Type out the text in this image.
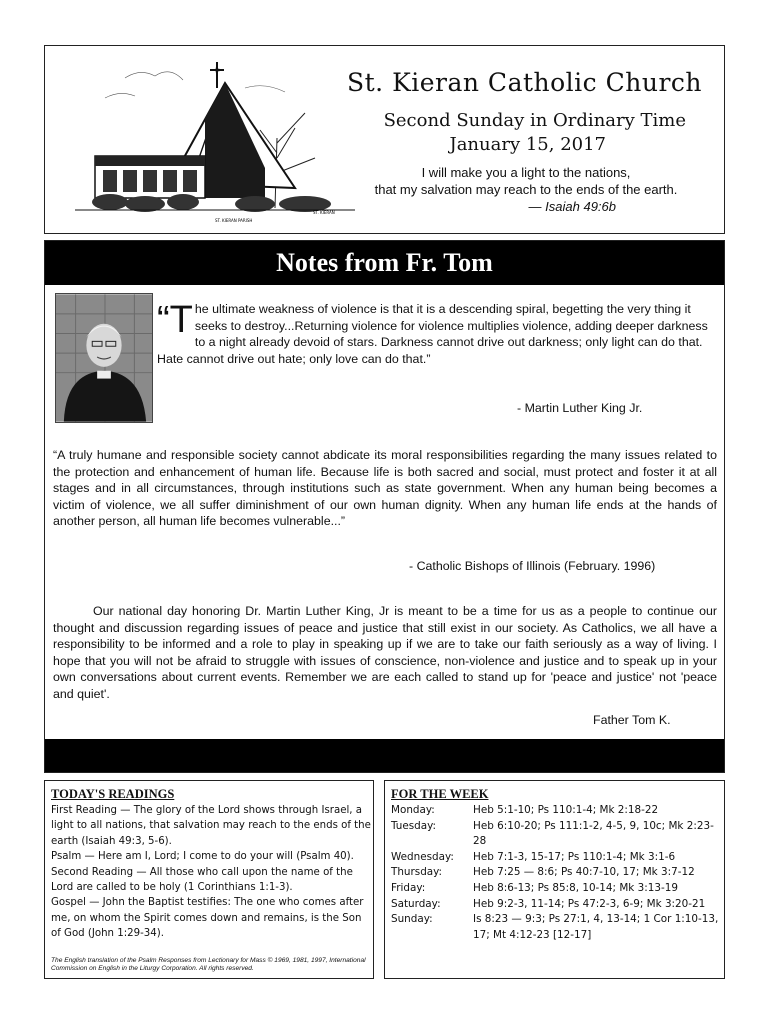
ST. KIERAN PARISH
ST. KIERAN
St. Kieran Catholic Church
Second Sunday in Ordinary Time
January 15, 2017
I will make you a light to the nations,
that my salvation may reach to the ends of the earth.
— Isaiah 49:6b
Notes from Fr. Tom
“The ultimate weakness of violence is that it is a descending spiral, begetting the very thing it seeks to destroy...Returning violence for violence multiplies violence, adding deeper darkness to a night already devoid of stars. Darkness cannot drive out darkness; only light can do that. Hate cannot drive out hate; only love can do that.”
- Martin Luther King Jr.
“A truly humane and responsible society cannot abdicate its moral responsibilities regarding the many issues related to the protection and enhancement of human life. Because life is both sacred and social, must protect and foster it at all stages and in all circumstances, through institutions such as state government. When any human being becomes a victim of violence, we all suffer diminishment of our own human dignity. When any human life ends at the hands of another person, all human life becomes vulnerable...”
- Catholic Bishops of Illinois (February. 1996)
Our national day honoring Dr. Martin Luther King, Jr is meant to be a time for us as a people to continue our thought and discussion regarding issues of peace and justice that still exist in our society. As Catholics, we all have a responsibility to be informed and a role to play in speaking up if we are to take our faith seriously as a way of living. I hope that you will not be afraid to struggle with issues of conscience, non-violence and justice and to speak up in your own conversations about current events. Remember we are each called to stand up for 'peace and justice' not 'peace and quiet'.
Father Tom K.
TODAY'S READINGS
First Reading — The glory of the Lord shows through Israel, a light to all nations, that salvation may reach to the ends of the earth (Isaiah 49:3, 5-6).
Psalm — Here am I, Lord; I come to do your will (Psalm 40).
Second Reading — All those who call upon the name of the Lord are called to be holy (1 Corinthians 1:1-3).
Gospel — John the Baptist testifies: The one who comes after me, on whom the Spirit comes down and remains, is the Son of God (John 1:29-34).
The English translation of the Psalm Responses from Lectionary for Mass © 1969, 1981, 1997, International Commission on English in the Liturgy Corporation. All rights reserved.
FOR THE WEEK
Monday:	Heb 5:1-10; Ps 110:1-4; Mk 2:18-22
Tuesday:	Heb 6:10-20; Ps 111:1-2, 4-5, 9, 10c; Mk 2:23-28
Wednesday:	Heb 7:1-3, 15-17; Ps 110:1-4; Mk 3:1-6
Thursday:	Heb 7:25 — 8:6; Ps 40:7-10, 17; Mk 3:7-12
Friday:	Heb 8:6-13; Ps 85:8, 10-14; Mk 3:13-19
Saturday:	Heb 9:2-3, 11-14; Ps 47:2-3, 6-9; Mk 3:20-21
Sunday:	Is 8:23 — 9:3; Ps 27:1, 4, 13-14; 1 Cor 1:10-13, 17; Mt 4:12-23 [12-17]
